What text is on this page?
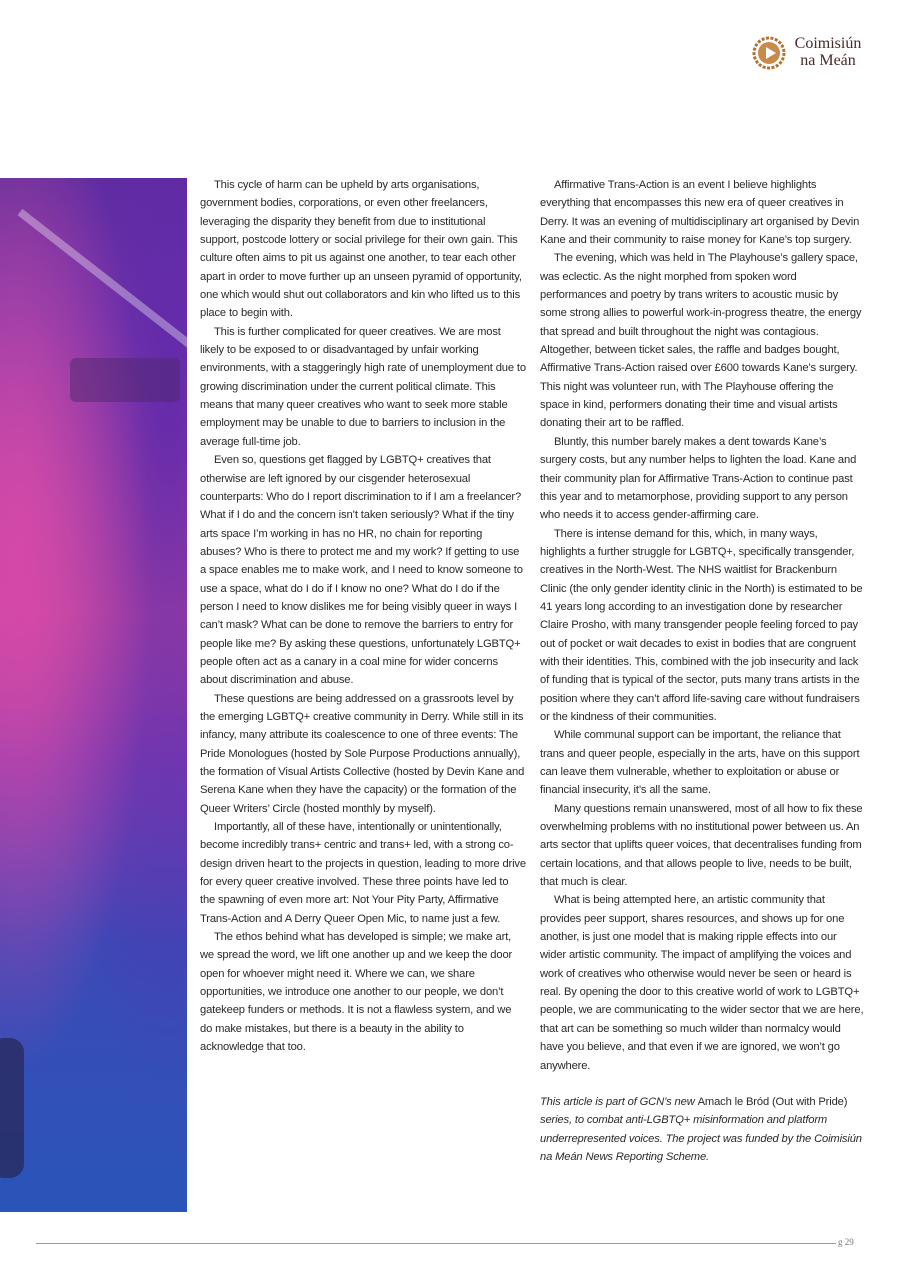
Coimisiún
na Meán

This cycle of harm can be upheld by arts organisations, government bodies, corporations, or even other freelancers, leveraging the disparity they benefit from due to institutional support, postcode lottery or social privilege for their own gain. This culture often aims to pit us against one another, to tear each other apart in order to move further up an unseen pyramid of opportunity, one which would shut out collaborators and kin who lifted us to this place to begin with.

This is further complicated for queer creatives. We are most likely to be exposed to or disadvantaged by unfair working environments, with a staggeringly high rate of unemployment due to growing discrimination under the current political climate. This means that many queer creatives who want to seek more stable employment may be unable to due to barriers to inclusion in the average full-time job.

Even so, questions get flagged by LGBTQ+ creatives that otherwise are left ignored by our cisgender heterosexual counterparts: Who do I report discrimination to if I am a freelancer? What if I do and the concern isn’t taken seriously? What if the tiny arts space I’m working in has no HR, no chain for reporting abuses? Who is there to protect me and my work? If getting to use a space enables me to make work, and I need to know someone to use a space, what do I do if I know no one? What do I do if the person I need to know dislikes me for being visibly queer in ways I can’t mask? What can be done to remove the barriers to entry for people like me? By asking these questions, unfortunately LGBTQ+ people often act as a canary in a coal mine for wider concerns about discrimination and abuse.

These questions are being addressed on a grassroots level by the emerging LGBTQ+ creative community in Derry. While still in its infancy, many attribute its coalescence to one of three events: The Pride Monologues (hosted by Sole Purpose Productions annually), the formation of Visual Artists Collective (hosted by Devin Kane and Serena Kane when they have the capacity) or the formation of the Queer Writers’ Circle (hosted monthly by myself).

Importantly, all of these have, intentionally or unintentionally, become incredibly trans+ centric and trans+ led, with a strong co-design driven heart to the projects in question, leading to more drive for every queer creative involved. These three points have led to the spawning of even more art: Not Your Pity Party, Affirmative Trans-Action and A Derry Queer Open Mic, to name just a few.

The ethos behind what has developed is simple; we make art, we spread the word, we lift one another up and we keep the door open for whoever might need it. Where we can, we share opportunities, we introduce one another to our people, we don’t gatekeep funders or methods. It is not a flawless system, and we do make mistakes, but there is a beauty in the ability to acknowledge that too.

Affirmative Trans-Action is an event I believe highlights everything that encompasses this new era of queer creatives in Derry. It was an evening of multidisciplinary art organised by Devin Kane and their community to raise money for Kane’s top surgery.

The evening, which was held in The Playhouse’s gallery space, was eclectic. As the night morphed from spoken word performances and poetry by trans writers to acoustic music by some strong allies to powerful work-in-progress theatre, the energy that spread and built throughout the night was contagious. Altogether, between ticket sales, the raffle and badges bought, Affirmative Trans-Action raised over £600 towards Kane’s surgery. This night was volunteer run, with The Playhouse offering the space in kind, performers donating their time and visual artists donating their art to be raffled.

Bluntly, this number barely makes a dent towards Kane’s surgery costs, but any number helps to lighten the load. Kane and their community plan for Affirmative Trans-Action to continue past this year and to metamorphose, providing support to any person who needs it to access gender-affirming care.

There is intense demand for this, which, in many ways, highlights a further struggle for LGBTQ+, specifically transgender, creatives in the North-West. The NHS waitlist for Brackenburn Clinic (the only gender identity clinic in the North) is estimated to be 41 years long according to an investigation done by researcher Claire Prosho, with many transgender people feeling forced to pay out of pocket or wait decades to exist in bodies that are congruent with their identities. This, combined with the job insecurity and lack of funding that is typical of the sector, puts many trans artists in the position where they can’t afford life-saving care without fundraisers or the kindness of their communities.

While communal support can be important, the reliance that trans and queer people, especially in the arts, have on this support can leave them vulnerable, whether to exploitation or abuse or financial insecurity, it’s all the same.

Many questions remain unanswered, most of all how to fix these overwhelming problems with no institutional power between us. An arts sector that uplifts queer voices, that decentralises funding from certain locations, and that allows people to live, needs to be built, that much is clear.

What is being attempted here, an artistic community that provides peer support, shares resources, and shows up for one another, is just one model that is making ripple effects into our wider artistic community. The impact of amplifying the voices and work of creatives who otherwise would never be seen or heard is real. By opening the door to this creative world of work to LGBTQ+ people, we are communicating to the wider sector that we are here, that art can be something so much wilder than normalcy would have you believe, and that even if we are ignored, we won’t go anywhere.

This article is part of GCN’s new Amach le Bród (Out with Pride) series, to combat anti-LGBTQ+ misinformation and platform underrepresented voices. The project was funded by the Coimisiún na Meán News Reporting Scheme.

g 29
